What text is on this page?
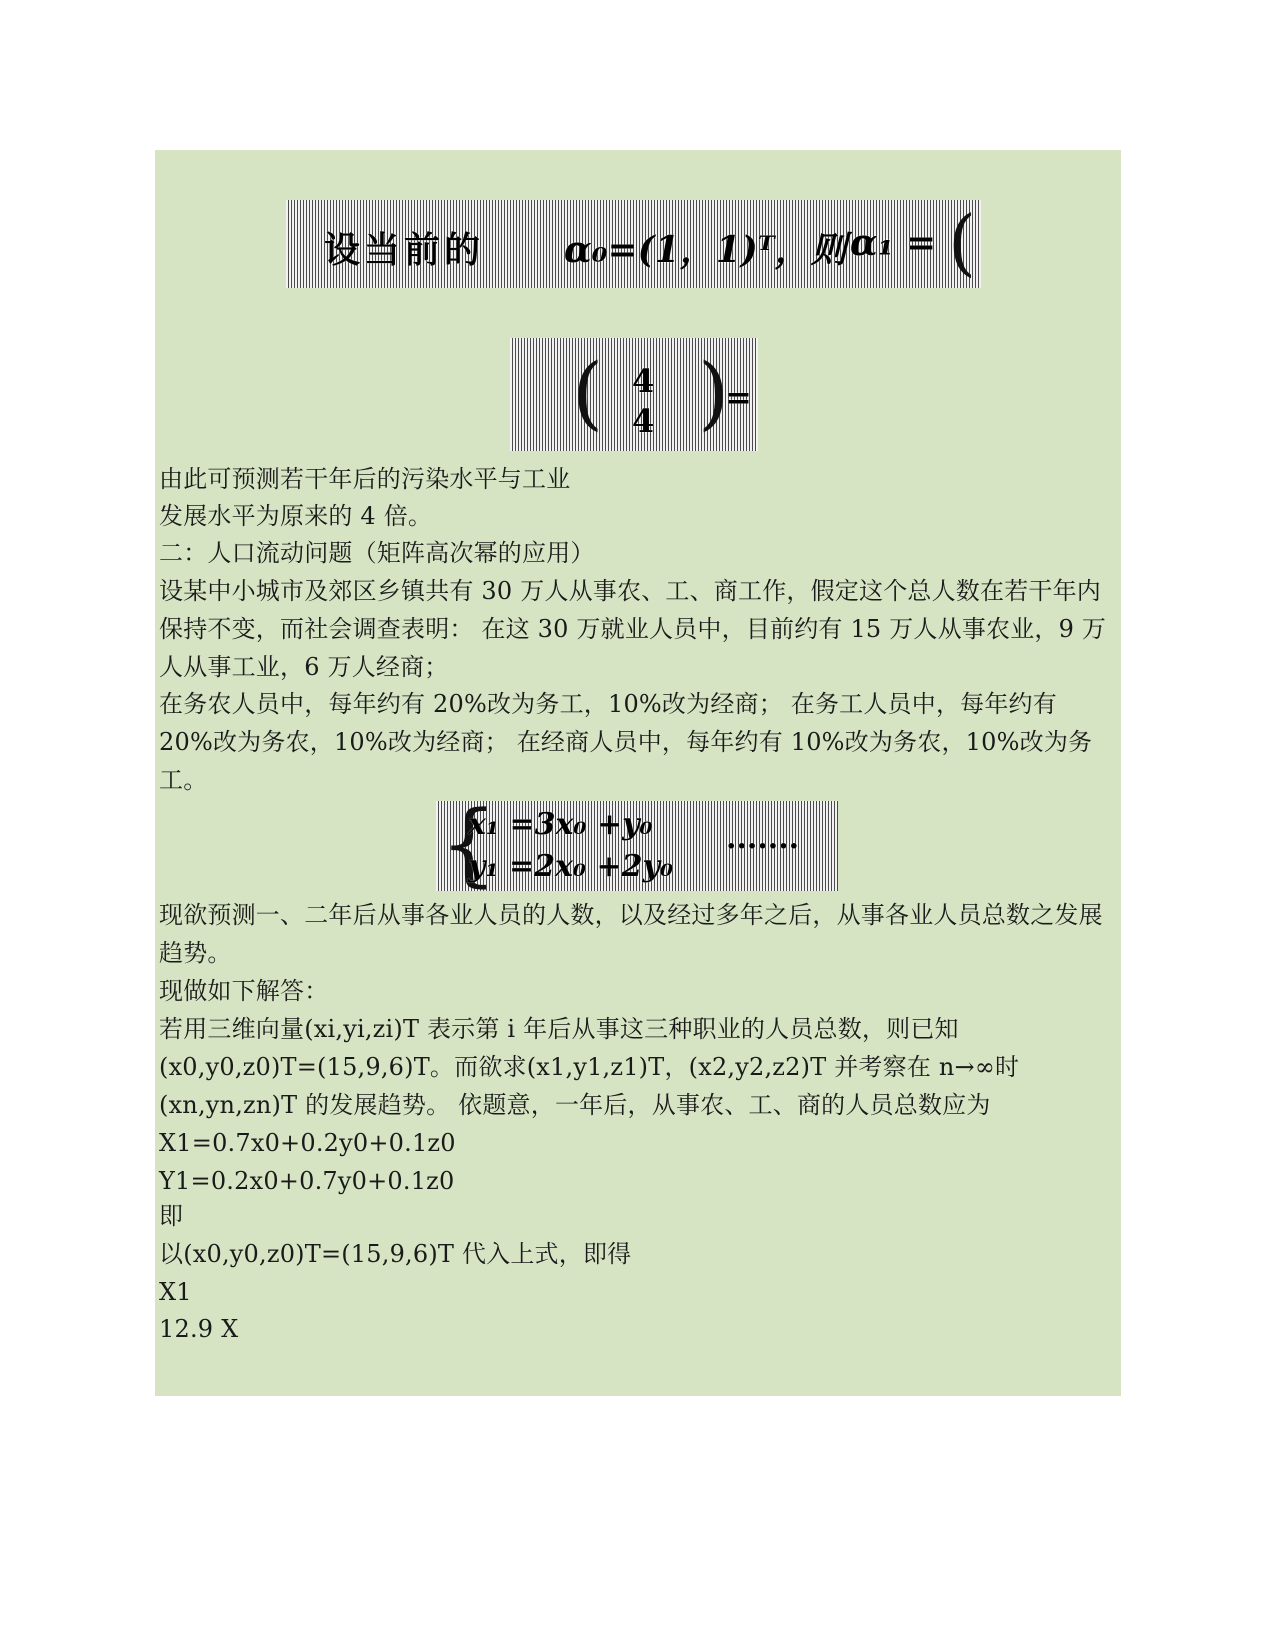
设当前的 α₀=(1，1)ᵀ，则 α₁ = (
( 4
4 )
=

由此可预测若干年后的污染水平与工业

发展水平为原来的 4 倍。

二：人口流动问题（矩阵高次幂的应用）

设某中小城市及郊区乡镇共有 30 万人从事农、工、商工作，假定这个总人数在若干年内保持不变，而社会调查表明： 在这 30 万就业人员中，目前约有 15 万人从事农业，9 万人从事工业，6 万人经商；

在务农人员中，每年约有 20%改为务工，10%改为经商； 在务工人员中，每年约有 20%改为务农，10%改为经商； 在经商人员中，每年约有 10%改为务农，10%改为务工。

{
x₁ =3x₀ +y₀
y₁ =2x₀ +2y₀
·······

现欲预测一、二年后从事各业人员的人数，以及经过多年之后，从事各业人员总数之发展趋势。

现做如下解答：

若用三维向量(xi,yi,zi)T 表示第 i 年后从事这三种职业的人员总数，则已知

(x0,y0,z0)T=(15,9,6)T。而欲求(x1,y1,z1)T，(x2,y2,z2)T 并考察在 n→∞时(xn,yn,zn)T 的发展趋势。 依题意，一年后，从事农、工、商的人员总数应为

X1=0.7x0+0.2y0+0.1z0

Y1=0.2x0+0.7y0+0.1z0

即

以(x0,y0,z0)T=(15,9,6)T 代入上式，即得

X1

12.9 X
